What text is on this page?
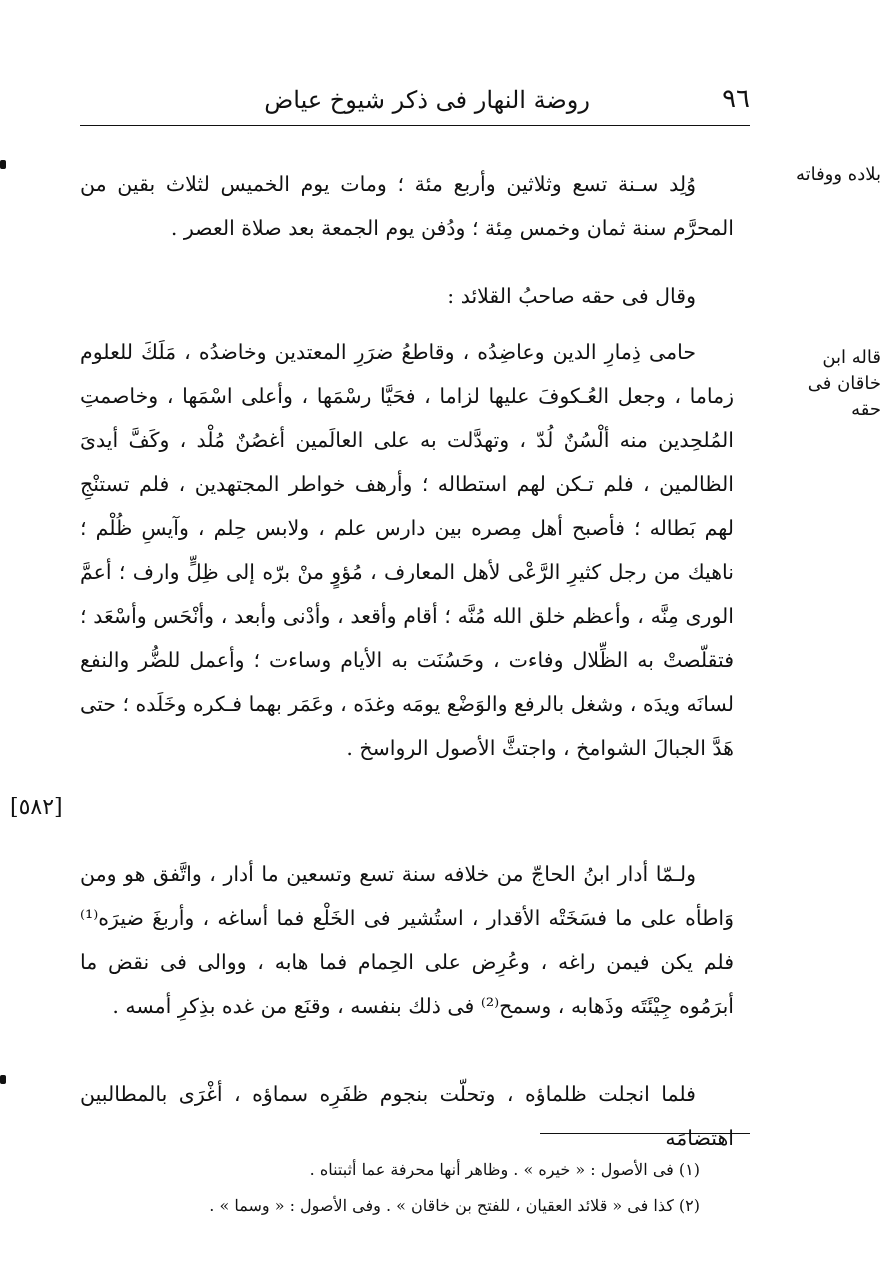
٩٦
روضة النهار فى ذكر شيوخ عياض
بلاده ووفاته
قاله ابن خاقان فى حقه
[٥٨٢]

وُلِد سـنة تسع وثلاثين وأربع مئة ؛ ومات يوم الخميس لثلاث بقين من المحرَّم سنة ثمان وخمس مِئة ؛ ودُفن يوم الجمعة بعد صلاة العصر .

وقال فى حقه صاحبُ القلائد :

حامى ذِمارِ الدين وعاضِدُه ، وقاطعُ ضرَرِ المعتدين وخاضدُه ، مَلَكَ للعلوم زماما ، وجعل العُـكوفَ عليها لزاما ، فحَيَّا رسْمَها ، وأعلى اسْمَها ، وخاصمتِ المُلحِدين منه ألْسُنٌ لُدّ ، وتهدَّلت به على العالَمين أغصُنٌ مُلْد ، وكَفَّ أيدىَ الظالمين ، فلم تـكن لهم استطاله ؛ وأرهف خواطر المجتهدين ، فلم تستنْجِ لهم بَطاله ؛ فأصبح أهل مِصره بين دارس علم ، ولابس حِلم ، وآيسِ ظُلْم ؛ ناهيك من رجل كثيرِ الرَّعْى لأهل المعارف ، مُؤوٍ منْ برّه إلى ظِلٍّ وارف ؛ أعمَّ الورى مِنَّه ، وأعظم خلق الله مُنَّه ؛ أقام وأقعد ، وأدْنى وأبعد ، وأنْحَس وأسْعَد ؛ فتقلّصتْ به الظِّلال وفاءت ، وحَسُنَت به الأيام وساءت ؛ وأعمل للضُّر والنفع لسانَه ويدَه ، وشغل بالرفع والوَضْع يومَه وغدَه ، وعَمَر بهما فـكره وخَلَده ؛ حتى هَدَّ الجبالَ الشوامخ ، واجتثَّ الأصول الرواسخ .

ولـمّا أدار ابنُ الحاجّ من خلافه سنة تسع وتسعين ما أدار ، واتَّفق هو ومن وَاطأه على ما فسَخَتْه الأقدار ، استُشير فى الخَلْع فما أساغه ، وأربغَ ضيرَه⁽¹⁾ فلم يكن فيمن راغه ، وعُرِض على الحِمام فما هابه ، ووالى فى نقض ما أبرَمُوه جِيْئَتَه وذَهابه ، وسمح⁽²⁾ فى ذلك بنفسه ، وقنَع من غده بذِكرِ أمسه .

فلما انجلت ظلماؤه ، وتحلّت بنجوم ظفَرِه سماؤه ، أغْرَى بالمطالبين اهتضامَه

(١) فى الأصول : « خيره » . وظاهر أنها محرفة عما أثبتناه .
(٢) كذا فى « قلائد العقيان ، للفتح بن خاقان » . وفى الأصول : « وسما » .
